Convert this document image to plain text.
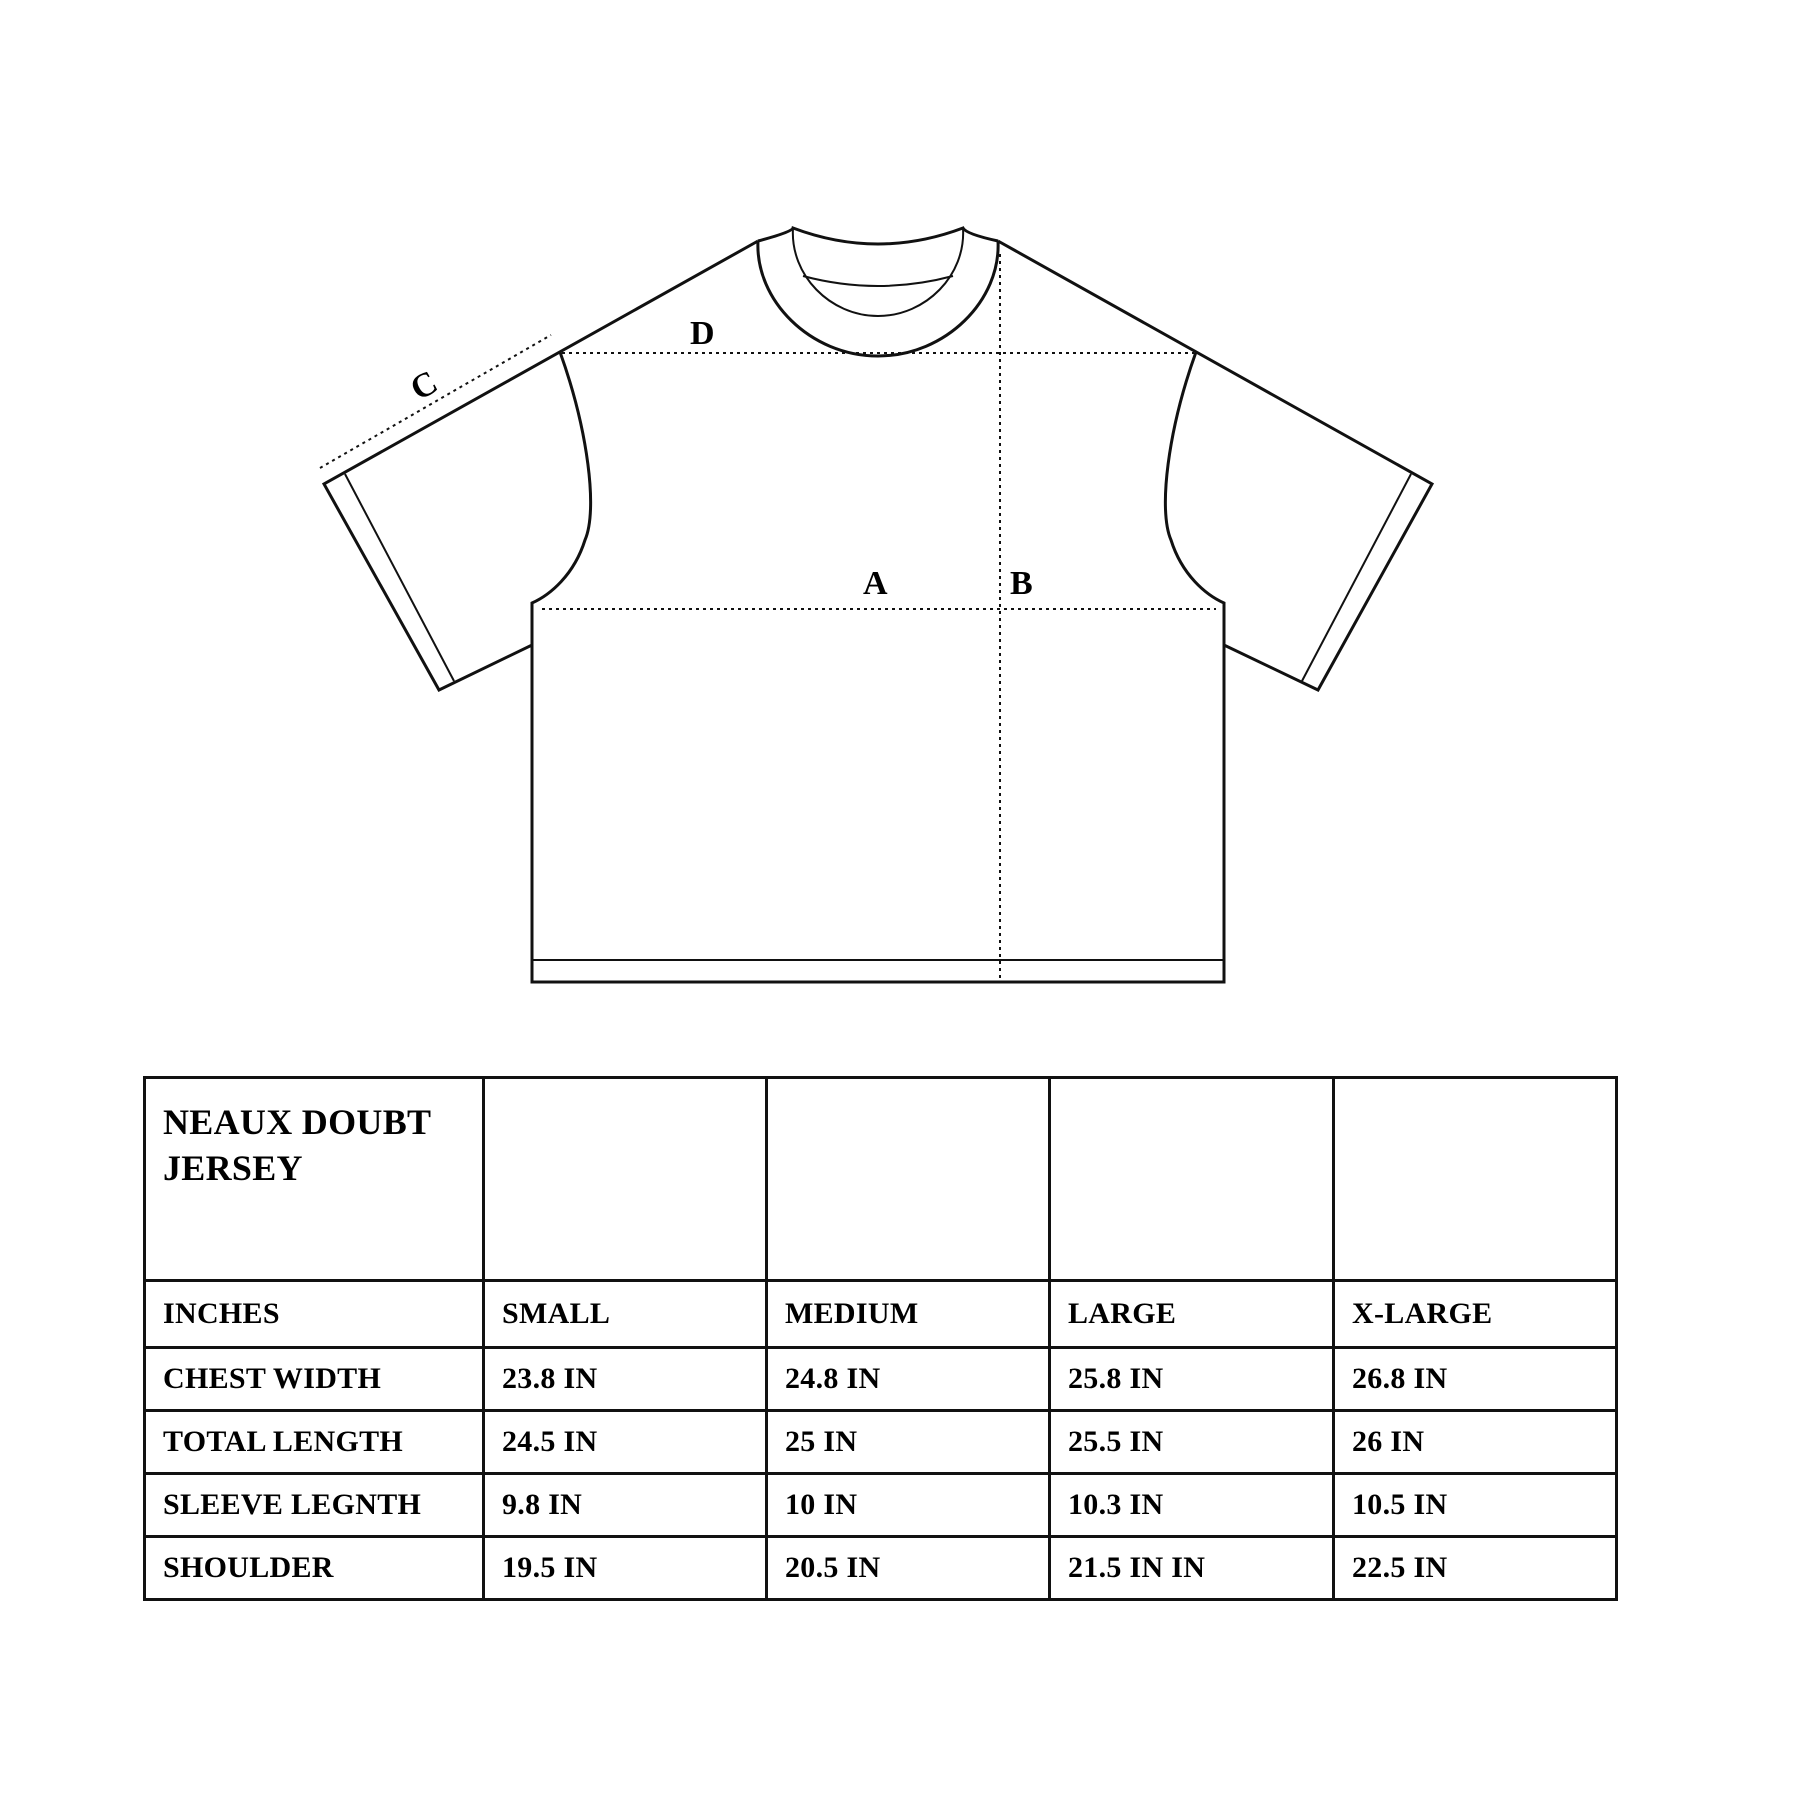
D
A	B
C
NEAUX DOUBT JERSEY				
INCHES	SMALL	MEDIUM	LARGE	X-LARGE
CHEST WIDTH	23.8 IN	24.8 IN	25.8 IN	26.8 IN
TOTAL LENGTH	24.5 IN	25 IN	25.5 IN	26 IN
SLEEVE LEGNTH	9.8 IN	10 IN	10.3 IN	10.5 IN
SHOULDER	19.5 IN	20.5 IN	21.5 IN IN	22.5 IN
